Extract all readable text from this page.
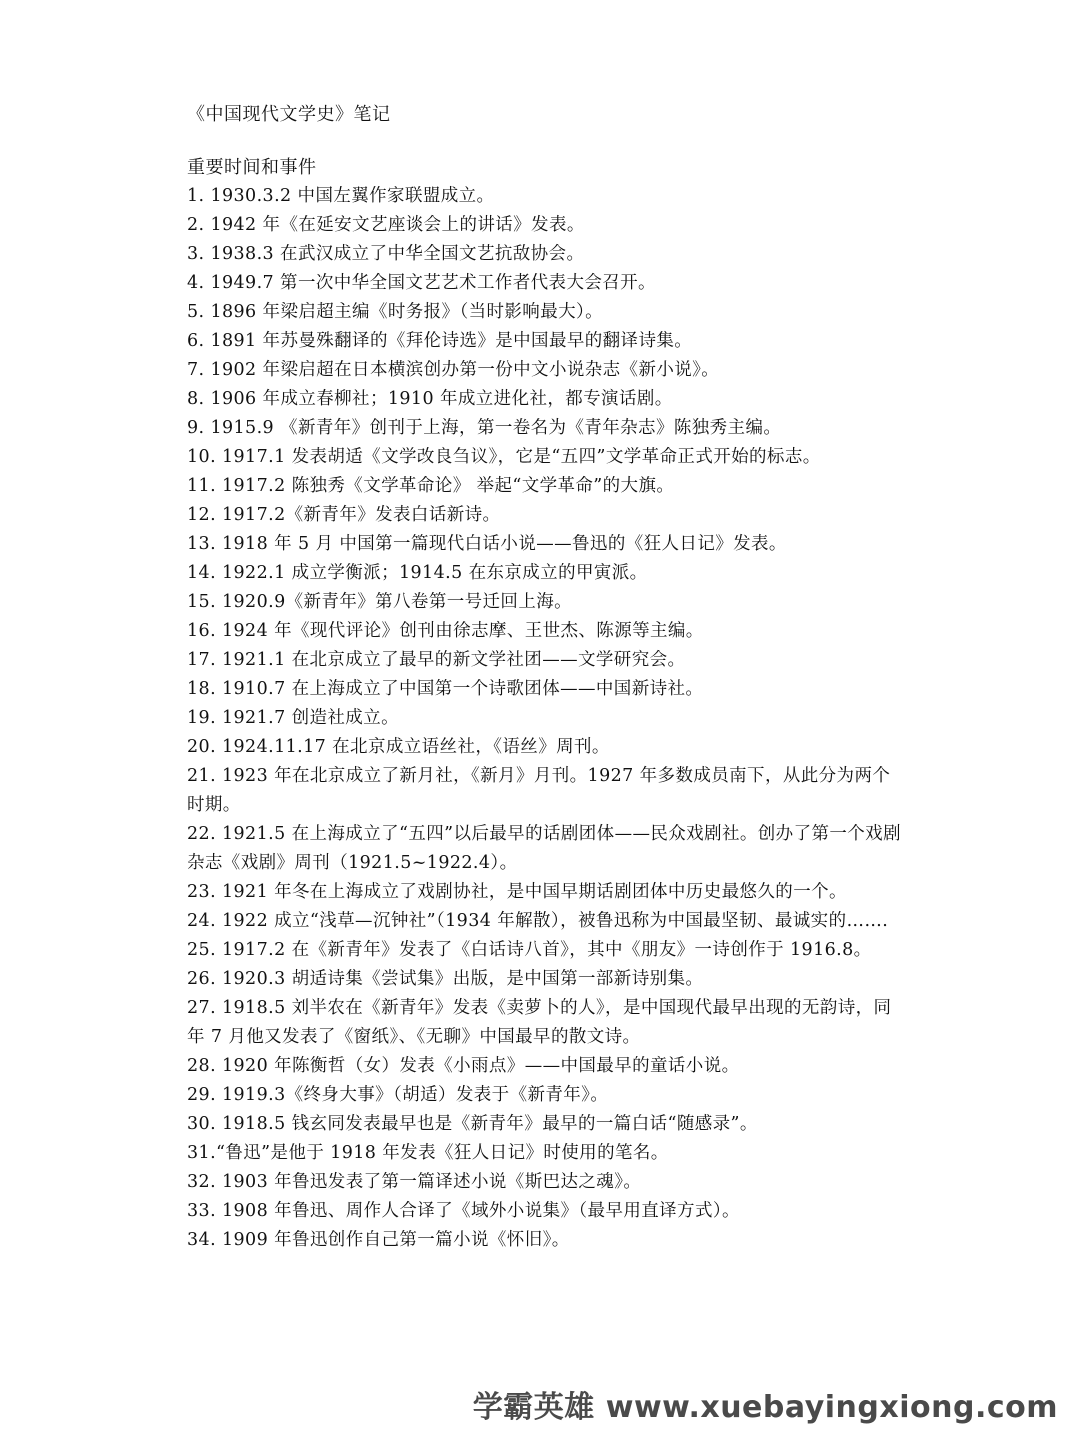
《中国现代文学史》笔记
重要时间和事件
1. 1930.3.2 中国左翼作家联盟成立。
2. 1942 年《在延安文艺座谈会上的讲话》发表。
3. 1938.3 在武汉成立了中华全国文艺抗敌协会。
4. 1949.7 第一次中华全国文艺艺术工作者代表大会召开。
5. 1896 年梁启超主编《时务报》（当时影响最大）。
6. 1891 年苏曼殊翻译的《拜伦诗选》是中国最早的翻译诗集。
7. 1902 年梁启超在日本横滨创办第一份中文小说杂志《新小说》。
8. 1906 年成立春柳社；1910 年成立进化社，都专演话剧。
9. 1915.9 《新青年》创刊于上海，第一卷名为《青年杂志》陈独秀主编。
10. 1917.1 发表胡适《文学改良刍议》，它是“五四”文学革命正式开始的标志。
11. 1917.2 陈独秀《文学革命论》 举起“文学革命”的大旗。
12. 1917.2《新青年》发表白话新诗。
13. 1918 年 5 月 中国第一篇现代白话小说——鲁迅的《狂人日记》发表。
14. 1922.1 成立学衡派；1914.5 在东京成立的甲寅派。
15. 1920.9《新青年》第八卷第一号迁回上海。
16. 1924 年《现代评论》创刊由徐志摩、王世杰、陈源等主编。
17. 1921.1 在北京成立了最早的新文学社团——文学研究会。
18. 1910.7 在上海成立了中国第一个诗歌团体——中国新诗社。
19. 1921.7 创造社成立。
20. 1924.11.17 在北京成立语丝社，《语丝》周刊。
21. 1923 年在北京成立了新月社，《新月》月刊。1927 年多数成员南下，从此分为两个时期。
22. 1921.5 在上海成立了“五四”以后最早的话剧团体——民众戏剧社。创办了第一个戏剧杂志《戏剧》周刊（1921.5~1922.4）。
23. 1921 年冬在上海成立了戏剧协社，是中国早期话剧团体中历史最悠久的一个。
24. 1922 成立“浅草—沉钟社”（1934 年解散），被鲁迅称为中国最坚韧、最诚实的…….
25. 1917.2 在《新青年》发表了《白话诗八首》，其中《朋友》一诗创作于 1916.8。
26. 1920.3 胡适诗集《尝试集》出版，是中国第一部新诗别集。
27. 1918.5 刘半农在《新青年》发表《卖萝卜的人》，是中国现代最早出现的无韵诗，同年 7 月他又发表了《窗纸》、《无聊》中国最早的散文诗。
28. 1920 年陈衡哲（女）发表《小雨点》——中国最早的童话小说。
29. 1919.3《终身大事》（胡适）发表于《新青年》。
30. 1918.5 钱玄同发表最早也是《新青年》最早的一篇白话“随感录”。
31.“鲁迅”是他于 1918 年发表《狂人日记》时使用的笔名。
32. 1903 年鲁迅发表了第一篇译述小说《斯巴达之魂》。
33. 1908 年鲁迅、周作人合译了《域外小说集》（最早用直译方式）。
34. 1909 年鲁迅创作自己第一篇小说《怀旧》。
学霸英雄 www.xuebayingxiong.com
